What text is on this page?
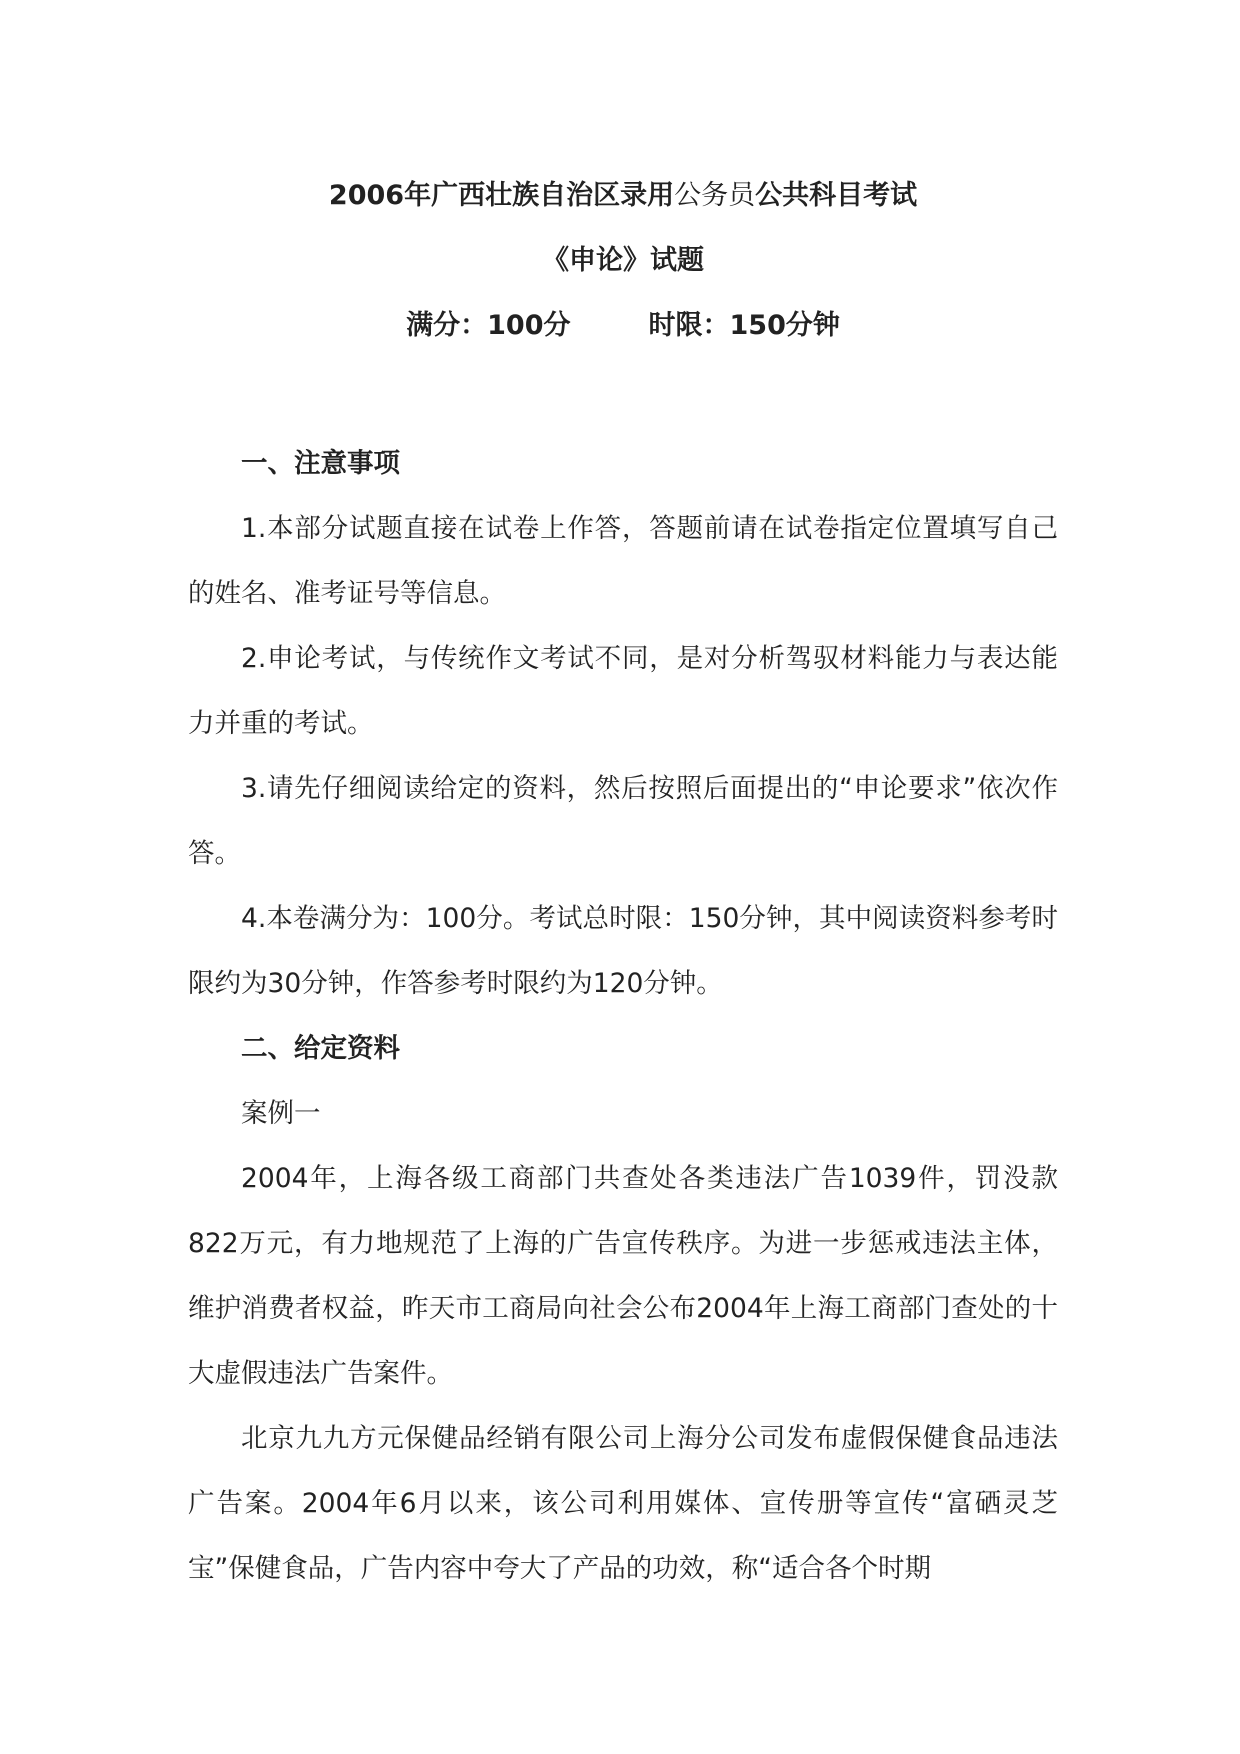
2006年广西壮族自治区录用公务员公共科目考试
《申论》试题
满分：100分	时限：150分钟

一、注意事项

1.本部分试题直接在试卷上作答，答题前请在试卷指定位置填写自己的姓名、准考证号等信息。

2.申论考试，与传统作文考试不同，是对分析驾驭材料能力与表达能力并重的考试。

3.请先仔细阅读给定的资料，然后按照后面提出的“申论要求”依次作答。

4.本卷满分为：100分。考试总时限：150分钟，其中阅读资料参考时限约为30分钟，作答参考时限约为120分钟。

二、给定资料

案例一

2004年，上海各级工商部门共查处各类违法广告1039件，罚没款822万元，有力地规范了上海的广告宣传秩序。为进一步惩戒违法主体，维护消费者权益，昨天市工商局向社会公布2004年上海工商部门查处的十大虚假违法广告案件。

北京九九方元保健品经销有限公司上海分公司发布虚假保健食品违法广告案。2004年6月以来，该公司利用媒体、宣传册等宣传“富硒灵芝宝”保健食品，广告内容中夸大了产品的功效，称“适合各个时期
